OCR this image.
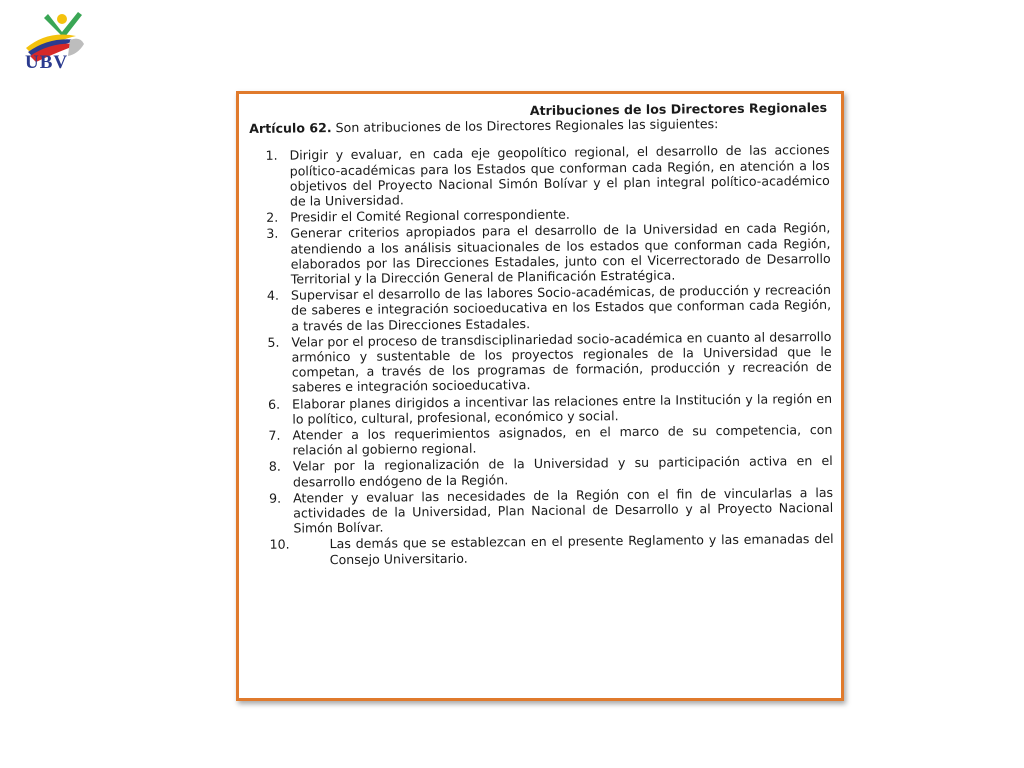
UBV

Atribuciones de los Directores Regionales

Artículo 62. Son atribuciones de los Directores Regionales las siguientes:

1. Dirigir y evaluar, en cada eje geopolítico regional, el desarrollo de las acciones político-académicas para los Estados que conforman cada Región, en atención a los objetivos del Proyecto Nacional Simón Bolívar y el plan integral político-académico de la Universidad.
2. Presidir el Comité Regional correspondiente.
3. Generar criterios apropiados para el desarrollo de la Universidad en cada Región, atendiendo a los análisis situacionales de los estados que conforman cada Región, elaborados por las Direcciones Estadales, junto con el Vicerrectorado de Desarrollo Territorial y la Dirección General de Planificación Estratégica.
4. Supervisar el desarrollo de las labores Socio-académicas, de producción y recreación de saberes e integración socioeducativa en los Estados que conforman cada Región, a través de las Direcciones Estadales.
5. Velar por el proceso de transdisciplinariedad socio-académica en cuanto al desarrollo armónico y sustentable de los proyectos regionales de la Universidad que le competan, a través de los programas de formación, producción y recreación de saberes e integración socioeducativa.
6. Elaborar planes dirigidos a incentivar las relaciones entre la Institución y la región en lo político, cultural, profesional, económico y social.
7. Atender a los requerimientos asignados, en el marco de su competencia, con relación al gobierno regional.
8. Velar por la regionalización de la Universidad y su participación activa en el desarrollo endógeno de la Región.
9. Atender y evaluar las necesidades de la Región con el fin de vincularlas a las actividades de la Universidad, Plan Nacional de Desarrollo y al Proyecto Nacional Simón Bolívar.
10.	Las demás que se establezcan en el presente Reglamento y las emanadas del Consejo Universitario.
